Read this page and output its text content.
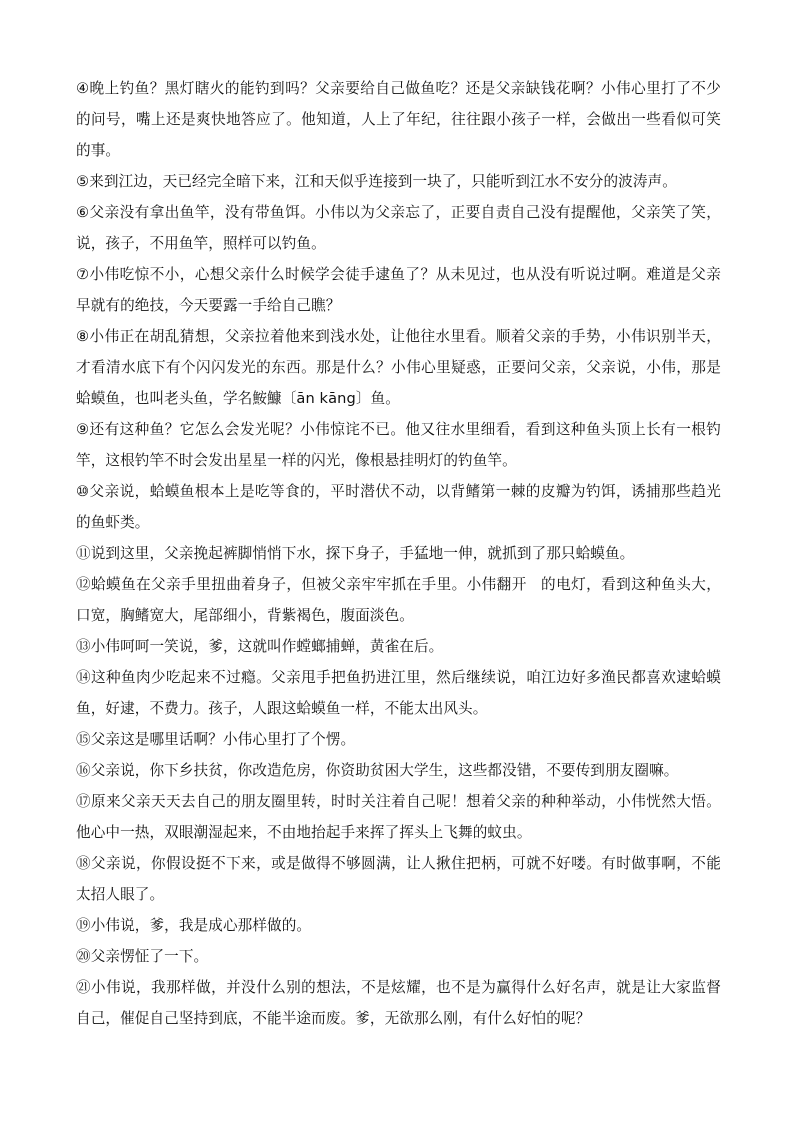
④晚上钓鱼？黑灯瞎火的能钓到吗？父亲要给自己做鱼吃？还是父亲缺钱花啊？小伟心里打了不少的问号，嘴上还是爽快地答应了。他知道，人上了年纪，往往跟小孩子一样，会做出一些看似可笑的事。

⑤来到江边，天已经完全暗下来，江和天似乎连接到一块了，只能听到江水不安分的波涛声。

⑥父亲没有拿出鱼竿，没有带鱼饵。小伟以为父亲忘了，正要自责自己没有提醒他，父亲笑了笑，说，孩子，不用鱼竿，照样可以钓鱼。

⑦小伟吃惊不小，心想父亲什么时候学会徒手逮鱼了？从未见过，也从没有听说过啊。难道是父亲早就有的绝技，今天要露一手给自己瞧？

⑧小伟正在胡乱猜想，父亲拉着他来到浅水处，让他往水里看。顺着父亲的手势，小伟识别半天，才看清水底下有个闪闪发光的东西。那是什么？小伟心里疑惑，正要问父亲，父亲说，小伟，那是蛤蟆鱼，也叫老头鱼，学名鮟鱇〔ān kāng〕鱼。

⑨还有这种鱼？它怎么会发光呢？小伟惊诧不已。他又往水里细看，看到这种鱼头顶上长有一根钓竿，这根钓竿不时会发出星星一样的闪光，像根悬挂明灯的钓鱼竿。

⑩父亲说，蛤蟆鱼根本上是吃等食的，平时潜伏不动，以背鳍第一棘的皮瓣为钓饵，诱捕那些趋光的鱼虾类。

⑪说到这里，父亲挽起裤脚悄悄下水，探下身子，手猛地一伸，就抓到了那只蛤蟆鱼。

⑫蛤蟆鱼在父亲手里扭曲着身子，但被父亲牢牢抓在手里。小伟翻开 的电灯，看到这种鱼头大，口宽，胸鳍宽大，尾部细小，背紫褐色，腹面淡色。

⑬小伟呵呵一笑说，爹，这就叫作螳螂捕蝉，黄雀在后。

⑭这种鱼肉少吃起来不过瘾。父亲甩手把鱼扔进江里，然后继续说，咱江边好多渔民都喜欢逮蛤蟆鱼，好逮，不费力。孩子，人跟这蛤蟆鱼一样，不能太出风头。

⑮父亲这是哪里话啊？小伟心里打了个愣。

⑯父亲说，你下乡扶贫，你改造危房，你资助贫困大学生，这些都没错，不要传到朋友圈嘛。

⑰原来父亲天天去自己的朋友圈里转，时时关注着自己呢！想着父亲的种种举动，小伟恍然大悟。他心中一热，双眼潮湿起来，不由地抬起手来挥了挥头上飞舞的蚊虫。

⑱父亲说，你假设挺不下来，或是做得不够圆满，让人揪住把柄，可就不好喽。有时做事啊，不能太招人眼了。

⑲小伟说，爹，我是成心那样做的。

⑳父亲愣怔了一下。

㉑小伟说，我那样做，并没什么别的想法，不是炫耀，也不是为赢得什么好名声，就是让大家监督自己，催促自己坚持到底，不能半途而废。爹，无欲那么刚，有什么好怕的呢？
